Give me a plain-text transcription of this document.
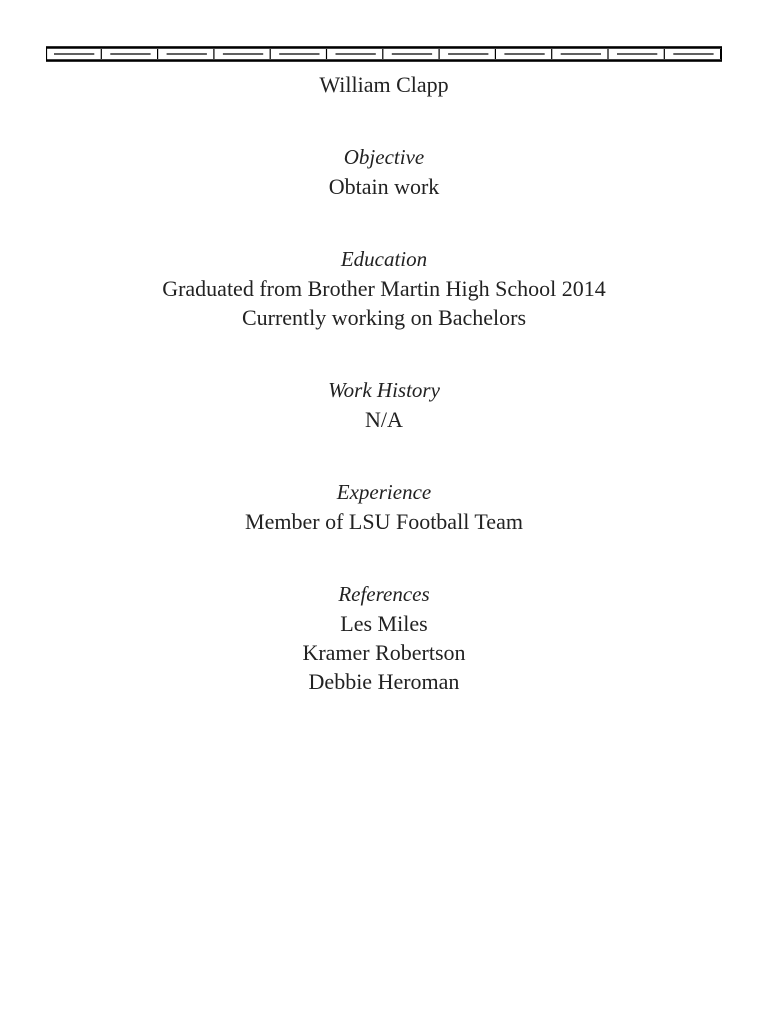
William Clapp

Objective

Obtain work

Education

Graduated from Brother Martin High School 2014

Currently working on Bachelors

Work History

N/A

Experience

Member of LSU Football Team

References

Les Miles

Kramer Robertson

Debbie Heroman
